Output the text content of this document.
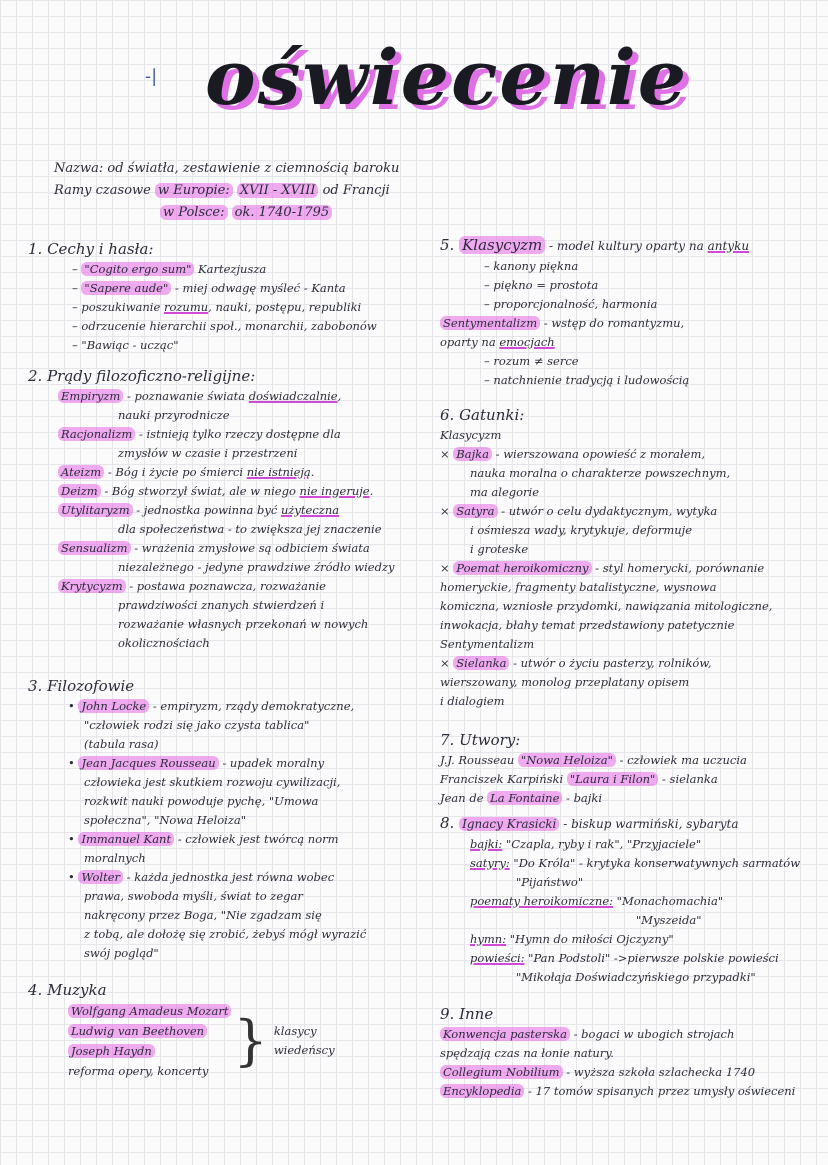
-| oświecenie
Nazwa: od światła, zestawienie z ciemnością baroku
Ramy czasowe w Europie: XVII - XVIII od Francji
w Polsce: ok. 1740-1795
1. Cechy i hasła:
– "Cogito ergo sum" Kartezjusza
– "Sapere aude" - miej odwagę myśleć - Kanta
– poszukiwanie rozumu, nauki, postępu, republiki
– odrzucenie hierarchii społ., monarchii, zabobonów
– "Bawiąc - ucząc"
2. Prądy filozoficzno-religijne:
Empiryzm - poznawanie świata doświadczalnie,
nauki przyrodnicze
Racjonalizm - istnieją tylko rzeczy dostępne dla
zmysłów w czasie i przestrzeni
Ateizm - Bóg i życie po śmierci nie istnieją.
Deizm - Bóg stworzył świat, ale w niego nie ingeruje.
Utylitaryzm - jednostka powinna być użyteczna
dla społeczeństwa - to zwiększa jej znaczenie
Sensualizm - wrażenia zmysłowe są odbiciem świata
niezależnego - jedyne prawdziwe źródło wiedzy
Krytycyzm - postawa poznawcza, rozważanie
prawdziwości znanych stwierdzeń i
rozważanie własnych przekonań w nowych
okolicznościach
3. Filozofowie
• John Locke - empiryzm, rządy demokratyczne,
"człowiek rodzi się jako czysta tablica"
(tabula rasa)
• Jean Jacques Rousseau - upadek moralny
człowieka jest skutkiem rozwoju cywilizacji,
rozkwit nauki powoduje pychę, "Umowa
społeczna", "Nowa Heloiza"
• Immanuel Kant - człowiek jest twórcą norm
moralnych
• Wolter - każda jednostka jest równa wobec
prawa, swoboda myśli, świat to zegar
nakręcony przez Boga, "Nie zgadzam się
z tobą, ale dołożę się zrobić, żebyś mógł wyrazić
swój pogląd"
4. Muzyka
Wolfgang Amadeus Mozart
Ludwig van Beethoven
Joseph Haydn
reforma opery, koncerty } klasycy
wiedeńscy
5. Klasycyzm - model kultury oparty na antyku
– kanony piękna
– piękno = prostota
– proporcjonalność, harmonia
Sentymentalizm - wstęp do romantyzmu,
oparty na emocjach
– rozum ≠ serce
– natchnienie tradycją i ludowością
6. Gatunki:
Klasycyzm
× Bajka - wierszowana opowieść z morałem,
nauka moralna o charakterze powszechnym,
ma alegorie
× Satyra - utwór o celu dydaktycznym, wytyka
i ośmiesza wady, krytykuje, deformuje
i groteske
× Poemat heroikomiczny - styl homerycki, porównanie
homeryckie, fragmenty batalistyczne, wysnowa
komiczna, wzniosłe przydomki, nawiązania mitologiczne,
inwokacja, błahy temat przedstawiony patetycznie
Sentymentalizm
× Sielanka - utwór o życiu pasterzy, rolników,
wierszowany, monolog przeplatany opisem
i dialogiem
7. Utwory:
J.J. Rousseau "Nowa Heloiza" - człowiek ma uczucia
Franciszek Karpiński "Laura i Filon" - sielanka
Jean de La Fontaine - bajki
8. Ignacy Krasicki - biskup warmiński, sybaryta
bajki: "Czapla, ryby i rak", "Przyjaciele"
satyry: "Do Króla" - krytyka konserwatywnych sarmatów
"Pijaństwo"
poematy heroikomiczne: "Monachomachia"
"Myszeida"
hymn: "Hymn do miłości Ojczyzny"
powieści: "Pan Podstoli" ->pierwsze polskie powieści
"Mikołaja Doświadczyńskiego przypadki"
9. Inne
Konwencja pasterska - bogaci w ubogich strojach
spędzają czas na łonie natury.
Collegium Nobilium - wyższa szkoła szlachecka 1740
Encyklopedia - 17 tomów spisanych przez umysły oświeceni
